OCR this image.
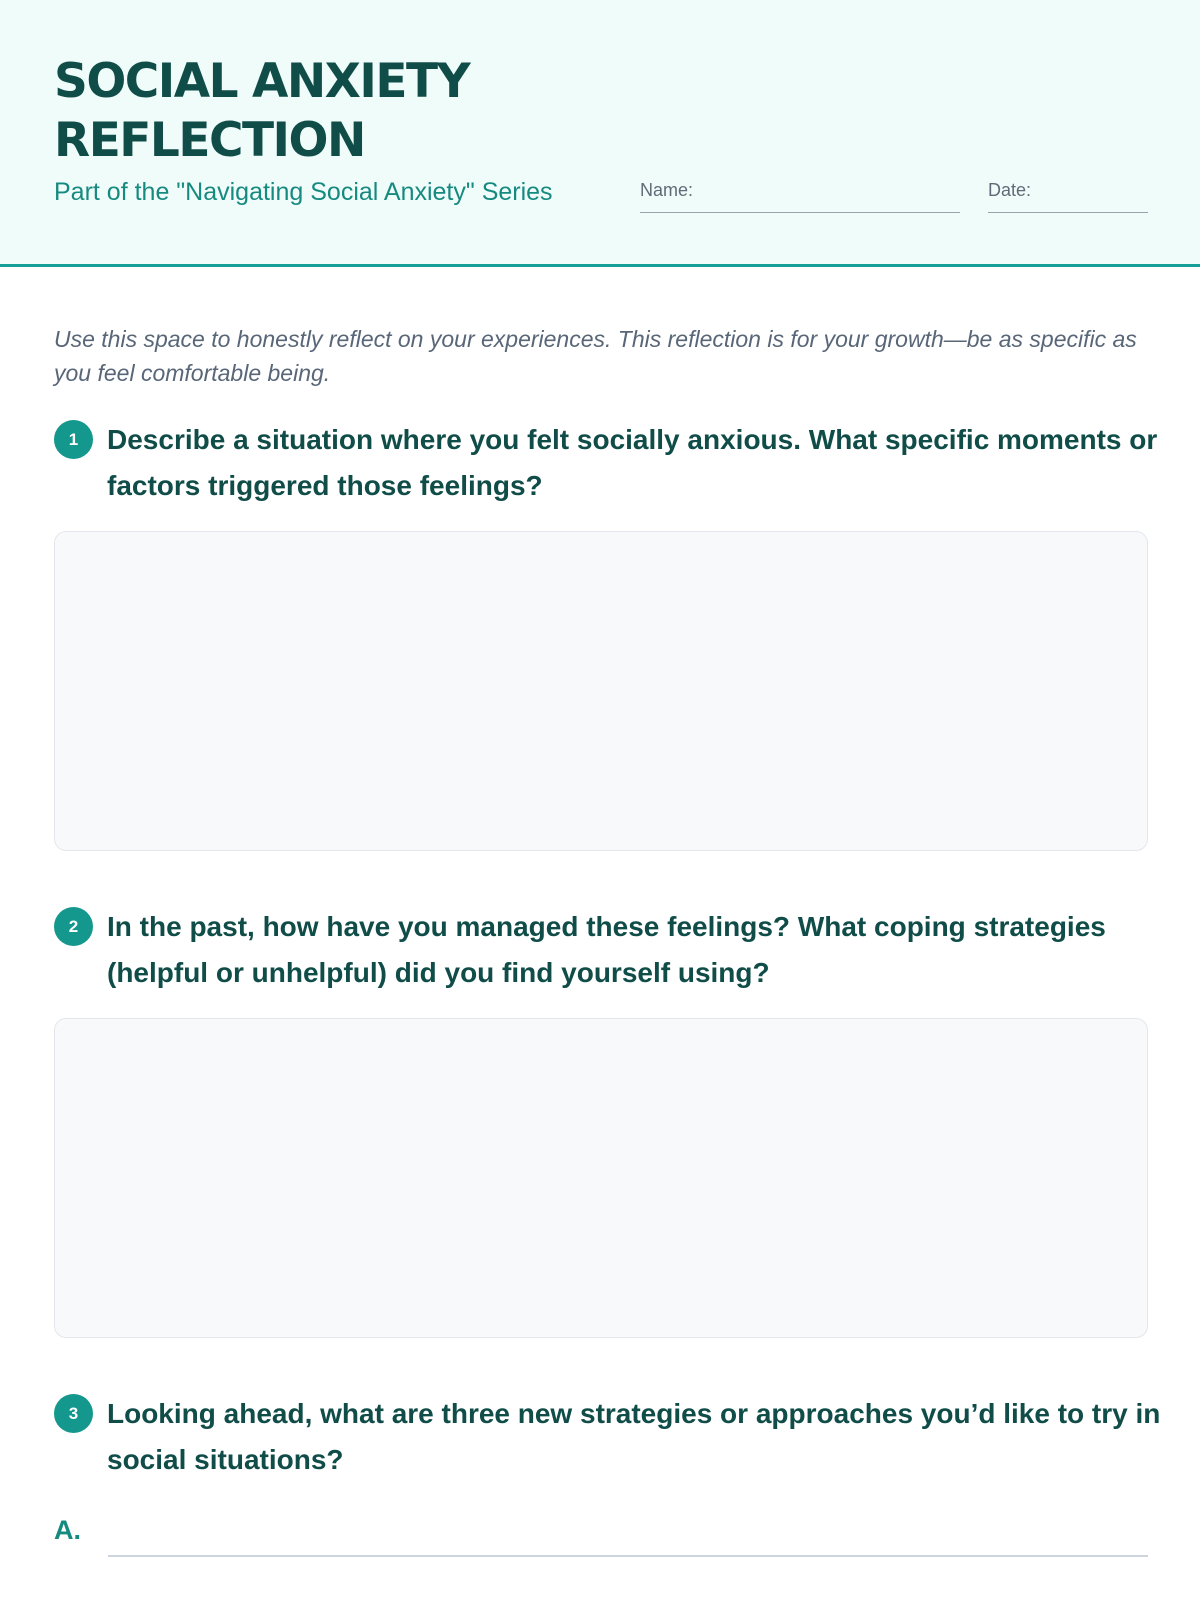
SOCIAL ANXIETY REFLECTION
Part of the "Navigating Social Anxiety" Series	Name:	Date:

Use this space to honestly reflect on your experiences. This reflection is for your growth—be as specific as you feel comfortable being.

1	Describe a situation where you felt socially anxious. What specific moments or factors triggered those feelings?

2	In the past, how have you managed these feelings? What coping strategies (helpful or unhelpful) did you find yourself using?

3	Looking ahead, what are three new strategies or approaches you’d like to try in social situations?

A.
